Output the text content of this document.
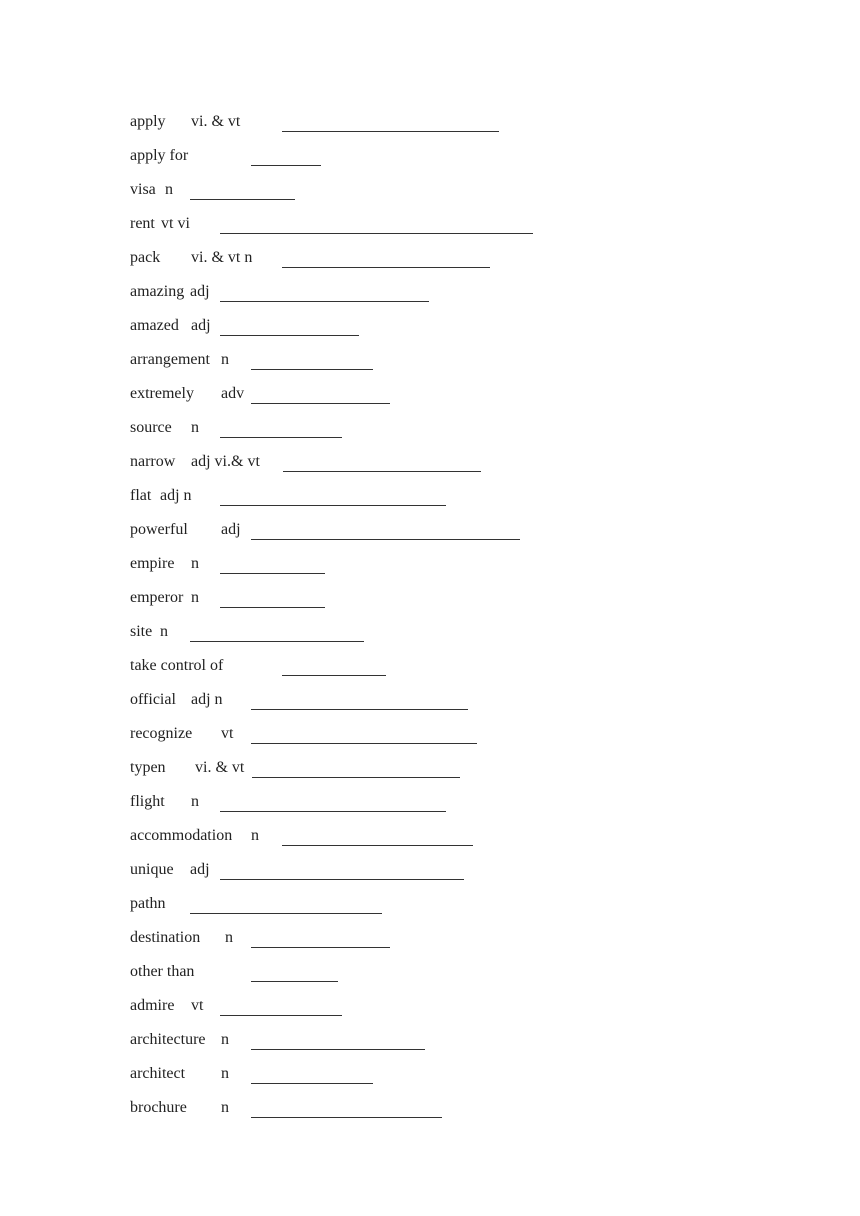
apply vi. & vt
apply for
visa n
rent vt vi
pack vi. & vt n
amazing adj
amazed adj
arrangement n
extremely adv
source n
narrow adj vi.& vt
flat adj n
powerful adj
empire n
emperor n
site n
take control of
official adj n
recognize vt
typen vi. & vt
flight n
accommodation n
unique adj
pathn
destination n
other than
admire vt
architecture n
architect n
brochure n
